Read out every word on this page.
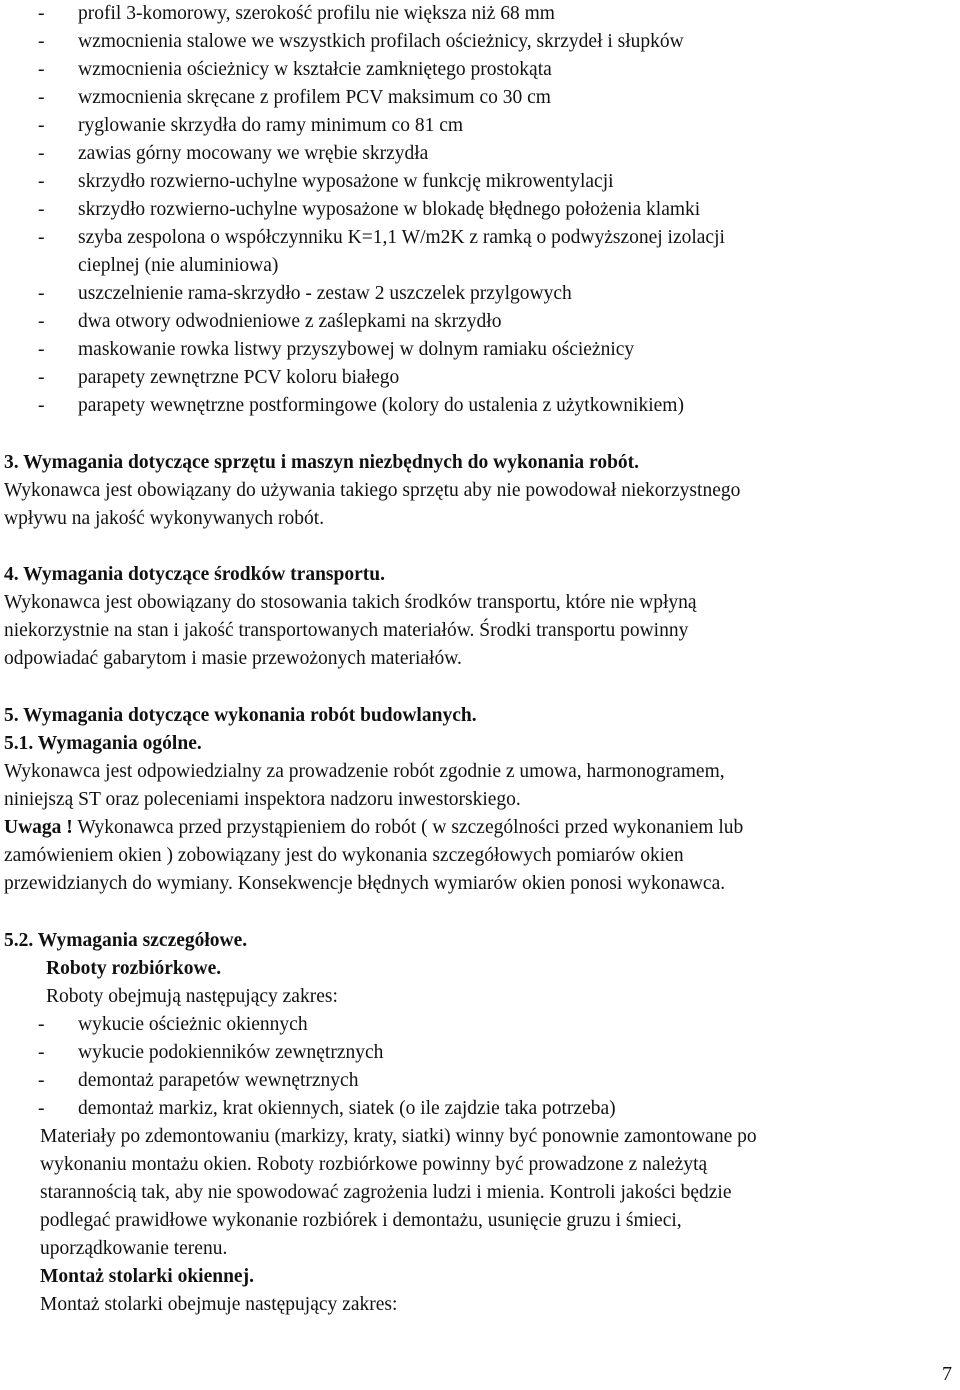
- profil 3-komorowy, szerokość profilu nie większa niż 68 mm
- wzmocnienia stalowe we wszystkich profilach ościeżnicy, skrzydeł i słupków
- wzmocnienia ościeżnicy w kształcie zamkniętego prostokąta
- wzmocnienia skręcane z profilem PCV maksimum co 30 cm
- ryglowanie skrzydła do ramy minimum co 81 cm
- zawias górny mocowany we wrębie skrzydła
- skrzydło rozwierno-uchylne wyposażone w funkcję mikrowentylacji
- skrzydło rozwierno-uchylne wyposażone w blokadę błędnego położenia klamki
- szyba zespolona o współczynniku K=1,1 W/m2K z ramką o podwyższonej izolacji
cieplnej (nie aluminiowa)
- uszczelnienie rama-skrzydło - zestaw 2 uszczelek przylgowych
- dwa otwory odwodnieniowe z zaślepkami na skrzydło
- maskowanie rowka listwy przyszybowej w dolnym ramiaku ościeżnicy
- parapety zewnętrzne PCV koloru białego
- parapety wewnętrzne postformingowe (kolory do ustalenia z użytkownikiem)
3. Wymagania dotyczące sprzętu i maszyn niezbędnych do wykonania robót.
Wykonawca jest obowiązany do używania takiego sprzętu aby nie powodował niekorzystnego
wpływu na jakość wykonywanych robót.
4. Wymagania dotyczące środków transportu.
Wykonawca jest obowiązany do stosowania takich środków transportu, które nie wpłyną
niekorzystnie na stan i jakość transportowanych materiałów. Środki transportu powinny
odpowiadać gabarytom i masie przewożonych materiałów.
5. Wymagania dotyczące wykonania robót budowlanych.
5.1. Wymagania ogólne.
Wykonawca jest odpowiedzialny za prowadzenie robót zgodnie z umowa, harmonogramem,
niniejszą ST oraz poleceniami inspektora nadzoru inwestorskiego.
Uwaga ! Wykonawca przed przystąpieniem do robót ( w szczególności przed wykonaniem lub
zamówieniem okien ) zobowiązany jest do wykonania szczegółowych pomiarów okien
przewidzianych do wymiany. Konsekwencje błędnych wymiarów okien ponosi wykonawca.
5.2. Wymagania szczegółowe.
Roboty rozbiórkowe.
Roboty obejmują następujący zakres:
- wykucie ościeżnic okiennych
- wykucie podokienników zewnętrznych
- demontaż parapetów wewnętrznych
- demontaż markiz, krat okiennych, siatek (o ile zajdzie taka potrzeba)
Materiały po zdemontowaniu (markizy, kraty, siatki) winny być ponownie zamontowane po
wykonaniu montażu okien. Roboty rozbiórkowe powinny być prowadzone z należytą
starannością tak, aby nie spowodować zagrożenia ludzi i mienia. Kontroli jakości będzie
podlegać prawidłowe wykonanie rozbiórek i demontażu, usunięcie gruzu i śmieci,
uporządkowanie terenu.
Montaż stolarki okiennej.
Montaż stolarki obejmuje następujący zakres:
7
